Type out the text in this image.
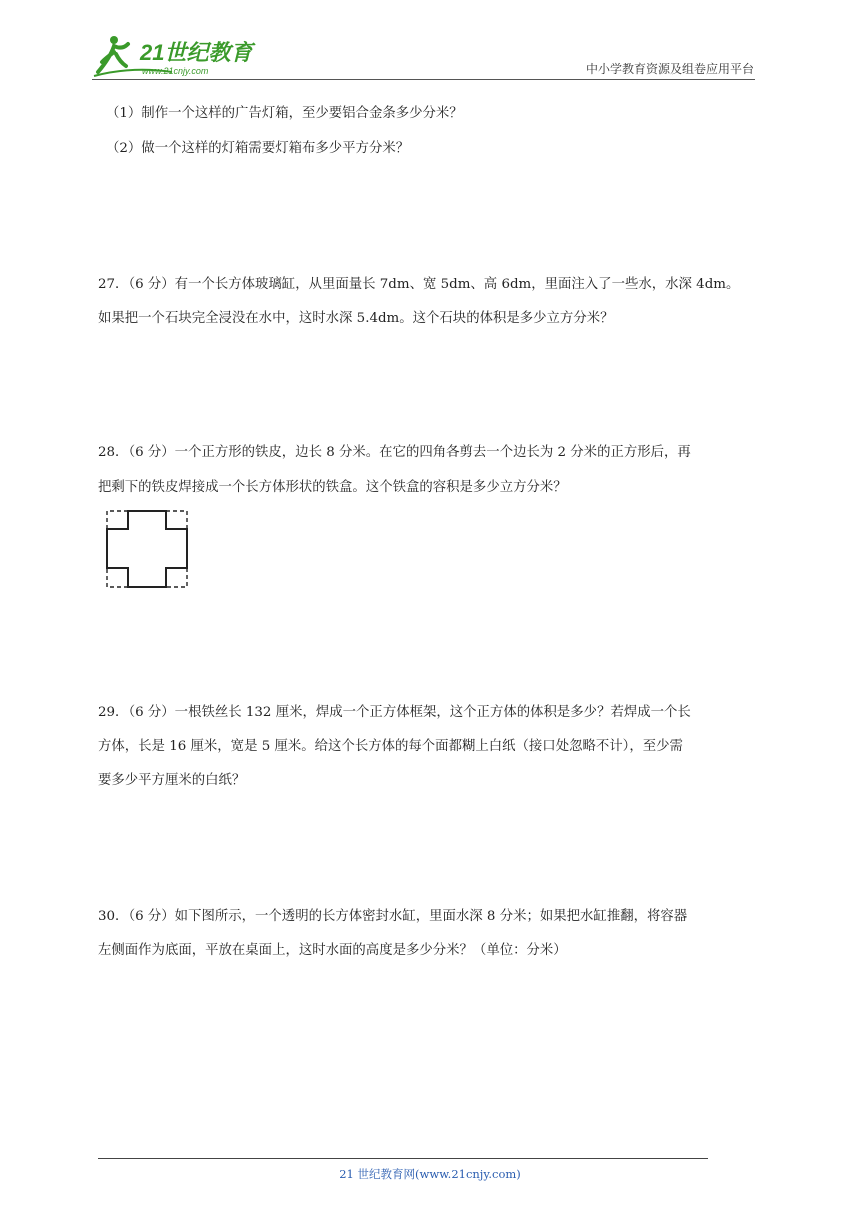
21世纪教育
www.21cnjy.com	中小学教育资源及组卷应用平台
（1）制作一个这样的广告灯箱，至少要铝合金条多少分米？
（2）做一个这样的灯箱需要灯箱布多少平方分米？
27．（6 分）有一个长方体玻璃缸，从里面量长 7dm、宽 5dm、高 6dm，里面注入了一些水，水深 4dm。
如果把一个石块完全浸没在水中，这时水深 5.4dm。这个石块的体积是多少立方分米？
28．（6 分）一个正方形的铁皮，边长 8 分米。在它的四角各剪去一个边长为 2 分米的正方形后，再
把剩下的铁皮焊接成一个长方体形状的铁盒。这个铁盒的容积是多少立方分米？
29．（6 分）一根铁丝长 132 厘米，焊成一个正方体框架，这个正方体的体积是多少？若焊成一个长
方体，长是 16 厘米，宽是 5 厘米。给这个长方体的每个面都糊上白纸（接口处忽略不计），至少需
要多少平方厘米的白纸？
30．（6 分）如下图所示，一个透明的长方体密封水缸，里面水深 8 分米；如果把水缸推翻，将容器
左侧面作为底面，平放在桌面上，这时水面的高度是多少分米？（单位：分米）
21 世纪教育网(www.21cnjy.com)
